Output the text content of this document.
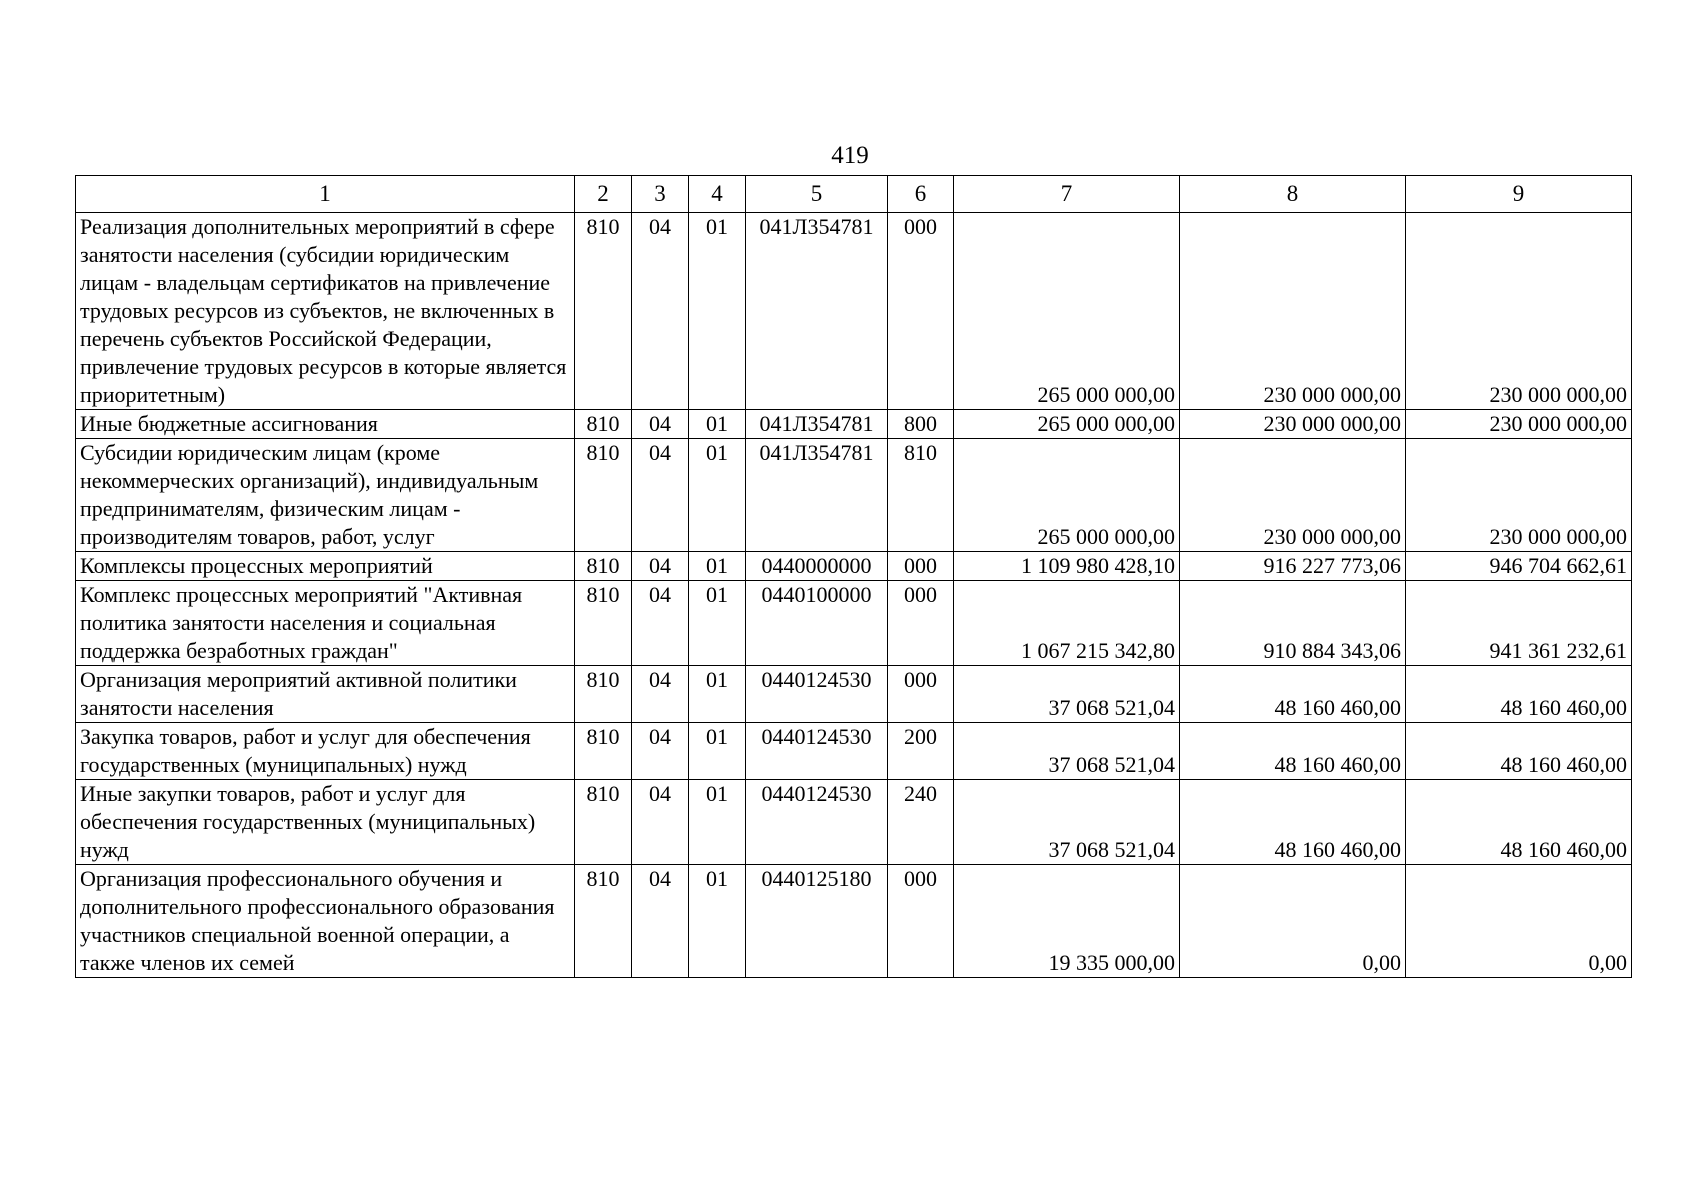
419
1	2	3	4	5	6	7	8	9
Реализация дополнительных мероприятий в сфере занятости населения (субсидии юридическим лицам - владельцам сертификатов на привлечение трудовых ресурсов из субъектов, не включенных в перечень субъектов Российской Федерации, привлечение трудовых ресурсов в которые является приоритетным)	810	04	01	041Л354781	000	265 000 000,00	230 000 000,00	230 000 000,00
Иные бюджетные ассигнования	810	04	01	041Л354781	800	265 000 000,00	230 000 000,00	230 000 000,00
Субсидии юридическим лицам (кроме некоммерческих организаций), индивидуальным предпринимателям, физическим лицам - производителям товаров, работ, услуг	810	04	01	041Л354781	810	265 000 000,00	230 000 000,00	230 000 000,00
Комплексы процессных мероприятий	810	04	01	0440000000	000	1 109 980 428,10	916 227 773,06	946 704 662,61
Комплекс процессных мероприятий "Активная политика занятости населения и социальная поддержка безработных граждан"	810	04	01	0440100000	000	1 067 215 342,80	910 884 343,06	941 361 232,61
Организация мероприятий активной политики занятости населения	810	04	01	0440124530	000	37 068 521,04	48 160 460,00	48 160 460,00
Закупка товаров, работ и услуг для обеспечения государственных (муниципальных) нужд	810	04	01	0440124530	200	37 068 521,04	48 160 460,00	48 160 460,00
Иные закупки товаров, работ и услуг для обеспечения государственных (муниципальных) нужд	810	04	01	0440124530	240	37 068 521,04	48 160 460,00	48 160 460,00
Организация профессионального обучения и дополнительного профессионального образования участников специальной военной операции, а также членов их семей	810	04	01	0440125180	000	19 335 000,00	0,00	0,00
